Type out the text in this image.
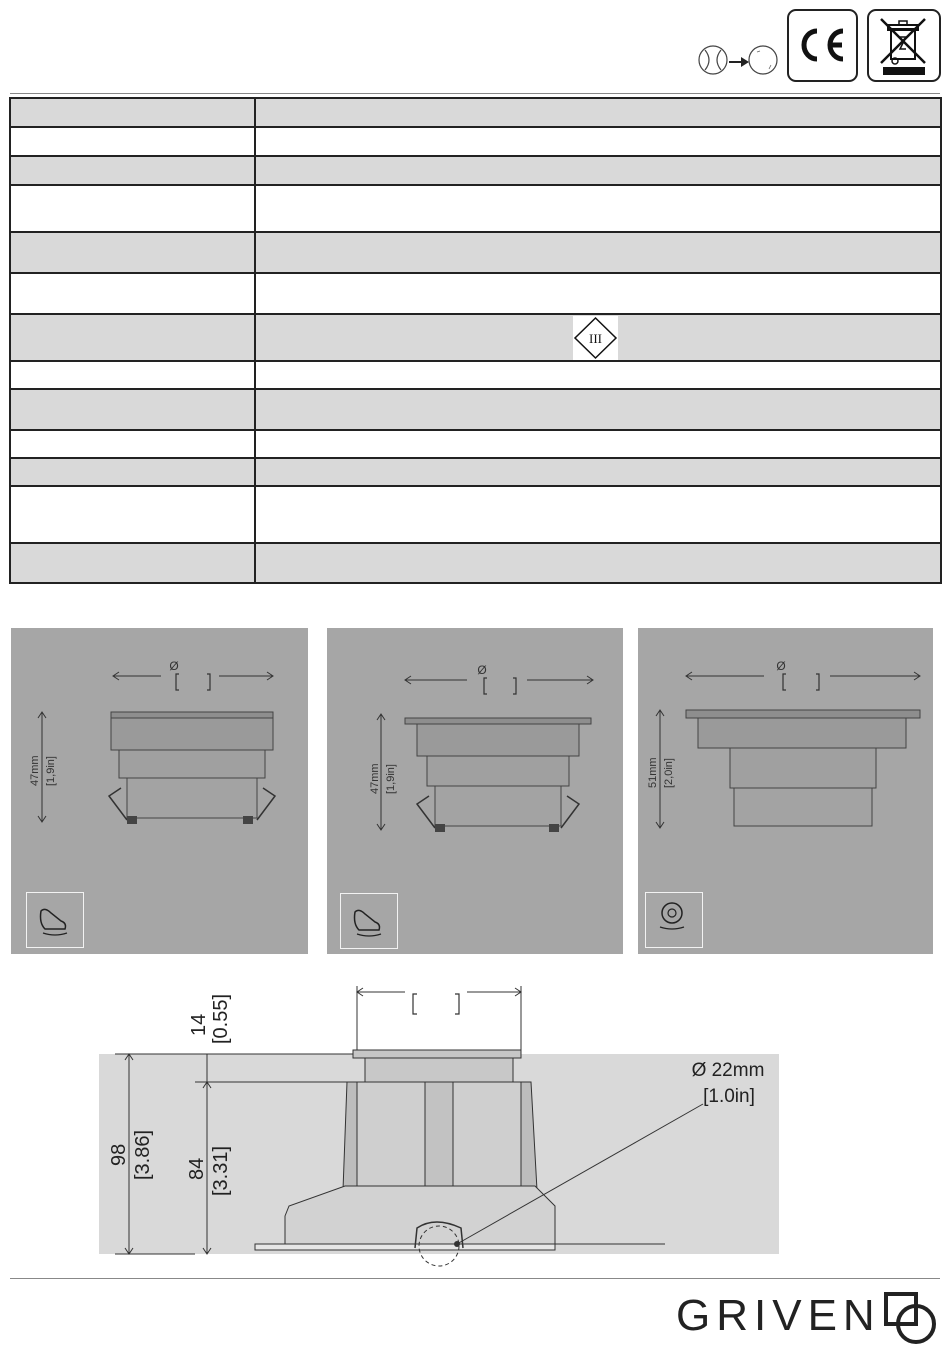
III
Ø
47mm [1,9in]
Ø
47mm [1,9in]
Ø
51mm [2,0in]
14 [0.55]
98 [3.86] 84 [3.31]
Ø 22mm
[1.0in]
GRIVEN
